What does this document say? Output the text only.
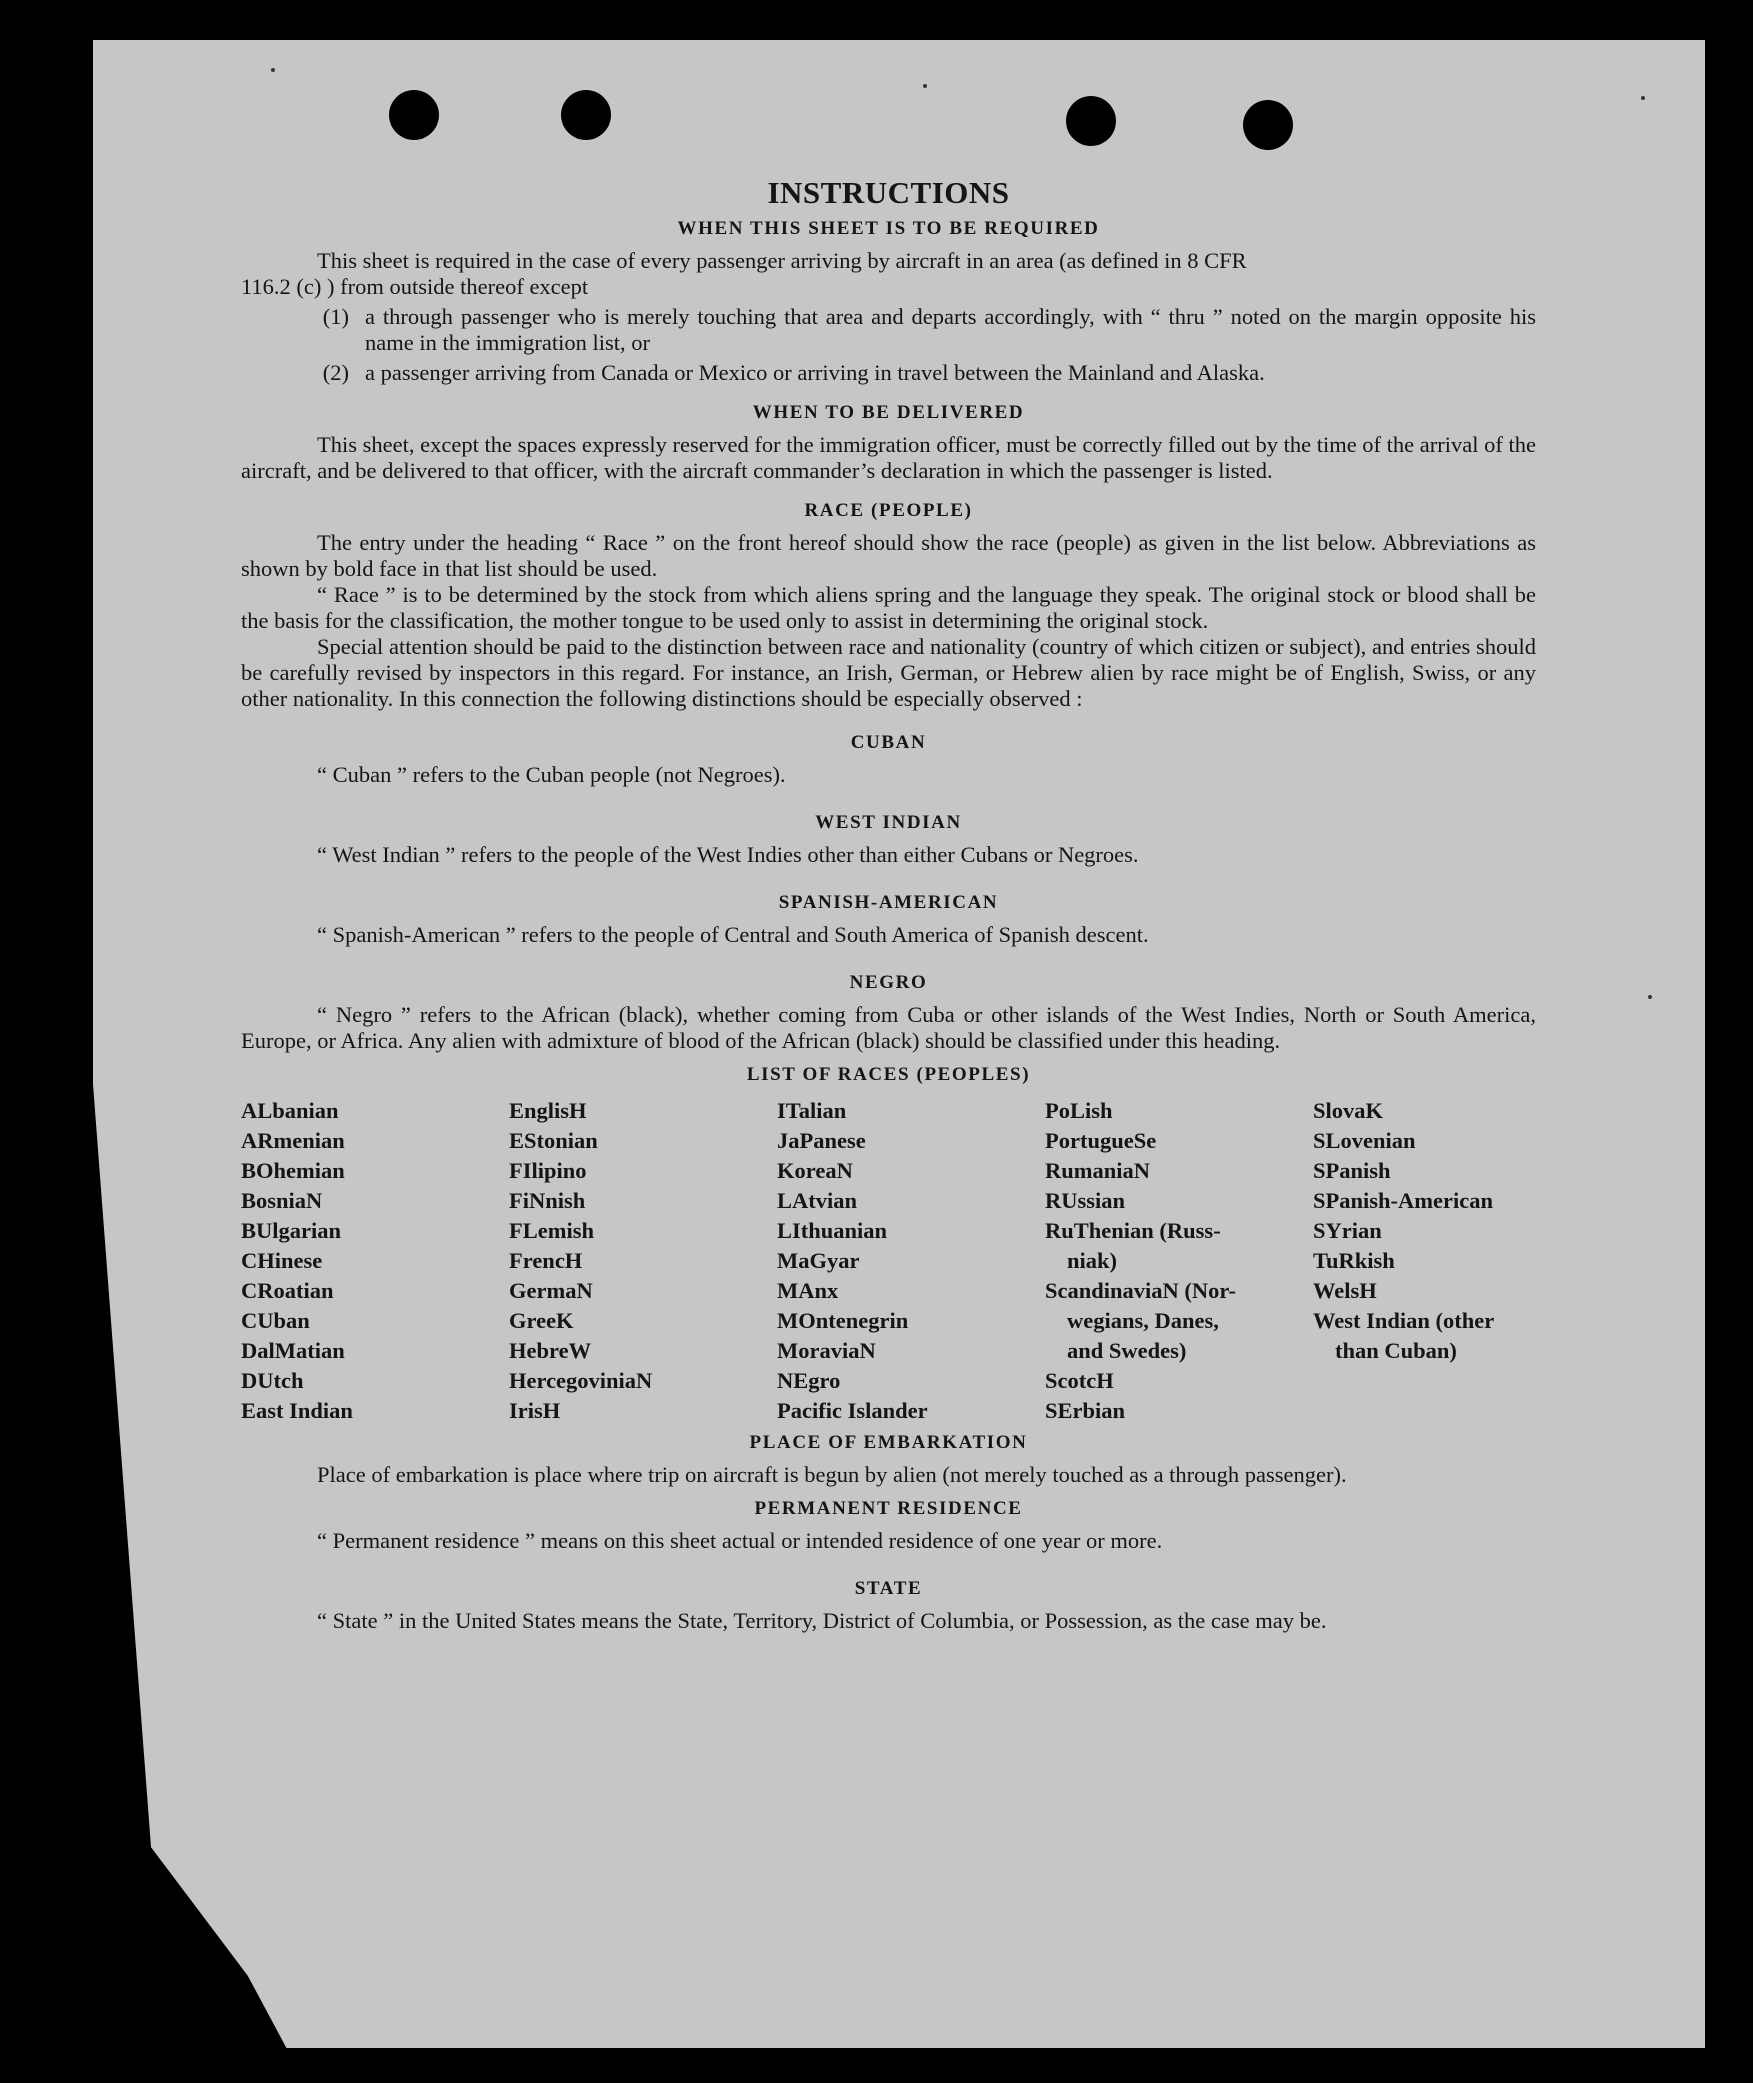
INSTRUCTIONS
WHEN THIS SHEET IS TO BE REQUIRED

This sheet is required in the case of every passenger arriving by aircraft in an area (as defined in 8 CFR

116.2 (c) ) from outside thereof except

(1) a through passenger who is merely touching that area and departs accordingly, with “ thru ” noted on the margin opposite his name in the immigration list, or
(2) a passenger arriving from Canada or Mexico or arriving in travel between the Mainland and Alaska.
WHEN TO BE DELIVERED

This sheet, except the spaces expressly reserved for the immigration officer, must be correctly filled out by the time of the arrival of the aircraft, and be delivered to that officer, with the aircraft commander’s declaration in which the passenger is listed.

RACE (PEOPLE)

The entry under the heading “ Race ” on the front hereof should show the race (people) as given in the list below. Abbreviations as shown by bold face in that list should be used.

“ Race ” is to be determined by the stock from which aliens spring and the language they speak. The original stock or blood shall be the basis for the classification, the mother tongue to be used only to assist in determining the original stock.

Special attention should be paid to the distinction between race and nationality (country of which citizen or subject), and entries should be carefully revised by inspectors in this regard. For instance, an Irish, German, or Hebrew alien by race might be of English, Swiss, or any other nationality. In this connection the following distinctions should be especially observed :

CUBAN

“ Cuban ” refers to the Cuban people (not Negroes).

WEST INDIAN

“ West Indian ” refers to the people of the West Indies other than either Cubans or Negroes.

SPANISH-AMERICAN

“ Spanish-American ” refers to the people of Central and South America of Spanish descent.

NEGRO

“ Negro ” refers to the African (black), whether coming from Cuba or other islands of the West Indies, North or South America, Europe, or Africa. Any alien with admixture of blood of the African (black) should be classified under this heading.

LIST OF RACES (PEOPLES)
ALbanian
ARmenian
BOhemian
BosniaN
BUlgarian
CHinese
CRoatian
CUban
DalMatian
DUtch
East Indian
EnglisH
EStonian
FIlipino
FiNnish
FLemish
FrencH
GermaN
GreeK
HebreW
HercegovinіaN
IrisH
ITalian
JaPanese
KoreaN
LAtvian
LIthuanian
MaGyar
MAnx
MOntenegrin
MoraviaN
NEgro
Pacific Islander
PoLish
PortugueSe
RumaniaN
RUssian
RuThenian (Russ-
niak)
ScandinaviaN (Nor-
wegians, Danes,
and Swedes)
ScotcH
SErbian
SlovaK
SLovenian
SPanish
SPanish-American
SYrian
TuRkish
WelsH
West Indian (other
than Cuban)
PLACE OF EMBARKATION

Place of embarkation is place where trip on aircraft is begun by alien (not merely touched as a through passenger).

PERMANENT RESIDENCE

“ Permanent residence ” means on this sheet actual or intended residence of one year or more.

STATE

“ State ” in the United States means the State, Territory, District of Columbia, or Possession, as the case may be.
